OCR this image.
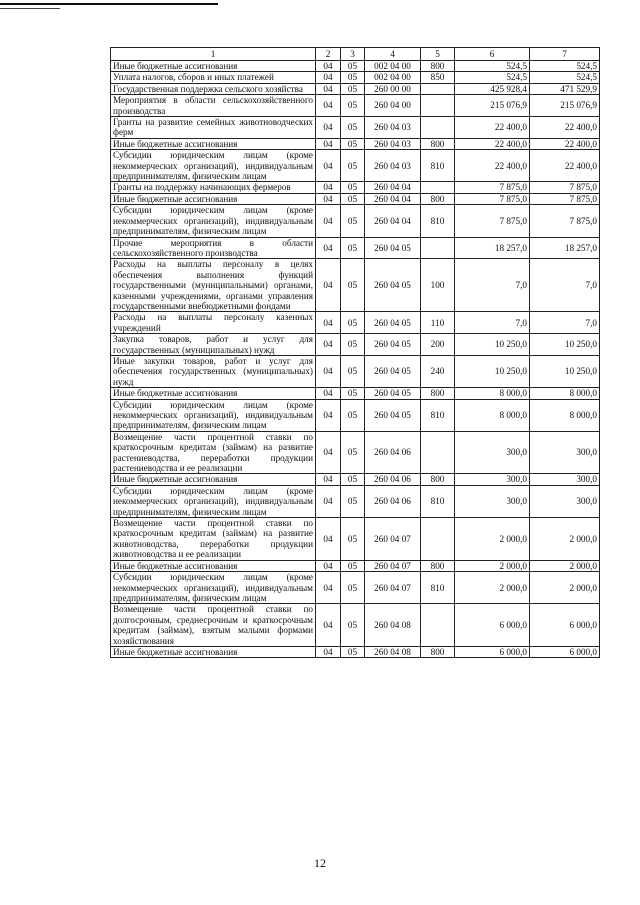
1	2	3	4	5	6	7
Иные бюджетные ассигнования	04	05	002 04 00	800	524,5	524,5
Уплата налогов, сборов и иных платежей	04	05	002 04 00	850	524,5	524,5
Государственная поддержка сельского хозяйства	04	05	260 00 00		425 928,4	471 529,9
Мероприятия в области сельскохозяйственного производства	04	05	260 04 00		215 076,9	215 076,9
Гранты на развитие семейных животноводческих ферм	04	05	260 04 03		22 400,0	22 400,0
Иные бюджетные ассигнования	04	05	260 04 03	800	22 400,0	22 400,0
Субсидии юридическим лицам (кроме некоммерческих организаций), индивидуальным предпринимателям, физическим лицам	04	05	260 04 03	810	22 400,0	22 400,0
Гранты на поддержку начинающих фермеров	04	05	260 04 04		7 875,0	7 875,0
Иные бюджетные ассигнования	04	05	260 04 04	800	7 875,0	7 875,0
Субсидии юридическим лицам (кроме некоммерческих организаций), индивидуальным предпринимателям, физическим лицам	04	05	260 04 04	810	7 875,0	7 875,0
Прочие мероприятия в области сельскохозяйственного производства	04	05	260 04 05		18 257,0	18 257,0
Расходы на выплаты персоналу в целях обеспечения выполнения функций государственными (муниципальными) органами, казенными учреждениями, органами управления государственными внебюджетными фондами	04	05	260 04 05	100	7,0	7,0
Расходы на выплаты персоналу казенных учреждений	04	05	260 04 05	110	7,0	7,0
Закупка товаров, работ и услуг для государственных (муниципальных) нужд	04	05	260 04 05	200	10 250,0	10 250,0
Иные закупки товаров, работ и услуг для обеспечения государственных (муниципальных) нужд	04	05	260 04 05	240	10 250,0	10 250,0
Иные бюджетные ассигнования	04	05	260 04 05	800	8 000,0	8 000,0
Субсидии юридическим лицам (кроме некоммерческих организаций), индивидуальным предпринимателям, физическим лицам	04	05	260 04 05	810	8 000,0	8 000,0
Возмещение части процентной ставки по краткосрочным кредитам (займам) на развитие растениеводства, переработки продукции растениеводства и ее реализации	04	05	260 04 06		300,0	300,0
Иные бюджетные ассигнования	04	05	260 04 06	800	300,0	300,0
Субсидии юридическим лицам (кроме некоммерческих организаций), индивидуальным предпринимателям, физическим лицам	04	05	260 04 06	810	300,0	300,0
Возмещение части процентной ставки по краткосрочным кредитам (займам) на развитие животноводства, переработки продукции животноводства и ее реализации	04	05	260 04 07		2 000,0	2 000,0
Иные бюджетные ассигнования	04	05	260 04 07	800	2 000,0	2 000,0
Субсидии юридическим лицам (кроме некоммерческих организаций), индивидуальным предпринимателям, физическим лицам	04	05	260 04 07	810	2 000,0	2 000,0
Возмещение части процентной ставки по долгосрочным, среднесрочным и краткосрочным кредитам (займам), взятым малыми формами хозяйствования	04	05	260 04 08		6 000,0	6 000,0
Иные бюджетные ассигнования	04	05	260 04 08	800	6 000,0	6 000,0
12
